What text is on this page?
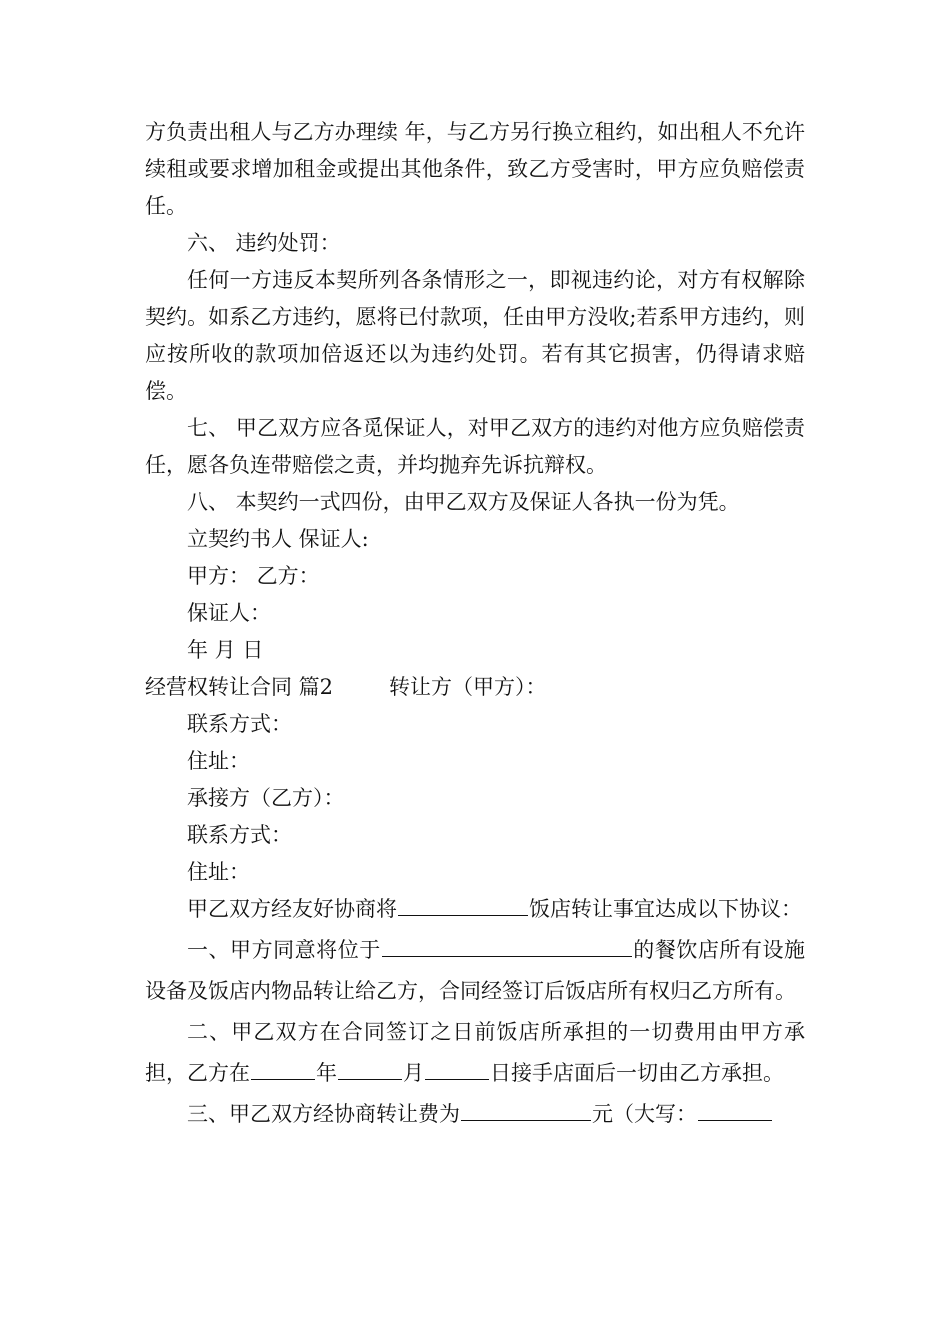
方负责出租人与乙方办理续 年，与乙方另行换立租约，如出租人不允许续租或要求增加租金或提出其他条件，致乙方受害时，甲方应负赔偿责任。

六、 违约处罚：

任何一方违反本契所列各条情形之一，即视违约论，对方有权解除契约。如系乙方违约，愿将已付款项，任由甲方没收;若系甲方违约，则应按所收的款项加倍返还以为违约处罚。若有其它损害，仍得请求赔偿。

七、 甲乙双方应各觅保证人，对甲乙双方的违约对他方应负赔偿责任，愿各负连带赔偿之责，并均抛弃先诉抗辩权。

八、 本契约一式四份，由甲乙双方及保证人各执一份为凭。

立契约书人 保证人:

甲方： 乙方：

保证人：

年 月 日

经营权转让合同 篇2	转让方（甲方）：

联系方式：

住址：

承接方（乙方）：

联系方式：

住址：

甲乙双方经友好协商将	饭店转让事宜达成以下协议：

一、甲方同意将位于	的餐饮店所有设施设备及饭店内物品转让给乙方，合同经签订后饭店所有权归乙方所有。

二、甲乙双方在合同签订之日前饭店所承担的一切费用由甲方承担，乙方在	年	月	日接手店面后一切由乙方承担。

三、甲乙双方经协商转让费为	元（大写：
